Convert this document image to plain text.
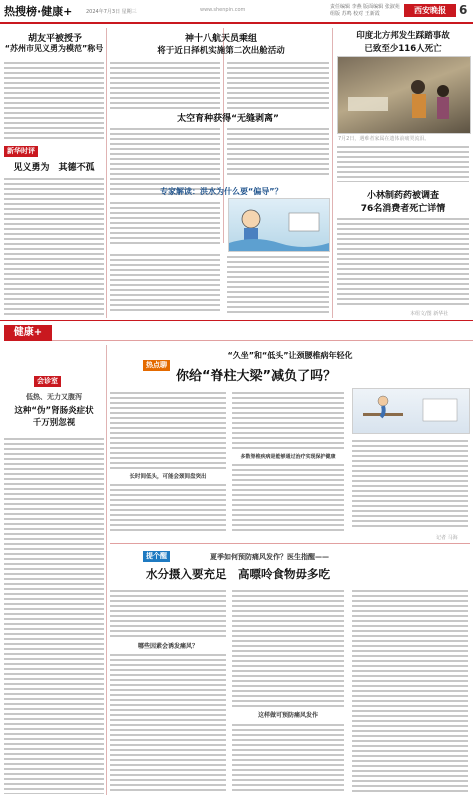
热搜榜·健康+	2024年7月3日 星期三	www.shenpin.com	责任编辑 李燕 版面编辑 张淑苑
组版 苏鸣 校对 王新霞	西安晚报	6
胡友平被授予
“苏州市见义勇为模范”称号
新华时评
见义勇为　其德不孤
神十八航天员乘组
将于近日择机实施第二次出舱活动
太空育种获得“无缝剥离”
专家解读：洪水为什么要“偏导”？
印度北方邦发生踩踏事故
已致至少116人死亡
7月2日，遇难者家属在遗体前痛哭流泪。
小林制药药被调查
76名消费者死亡详情
本组文/图 新华社
健康+
会诊室
低热、无力又腹泻
这种“伪”肾肠炎症状
千万别忽视
“久坐”和“低头”让颈腰椎病年轻化
热点聊
你给“脊柱大梁”减负了吗？
长时间低头，可能会颈间盘突出
多数脊椎疾病是能够通过治疗实现保护健康
记者 马海
提个醒	夏季如何预防痛风发作？医生指醒——
水分摄入要充足　高嘌呤食物毋多吃
哪些因素会诱发痛风？
这样做可预防痛风发作
